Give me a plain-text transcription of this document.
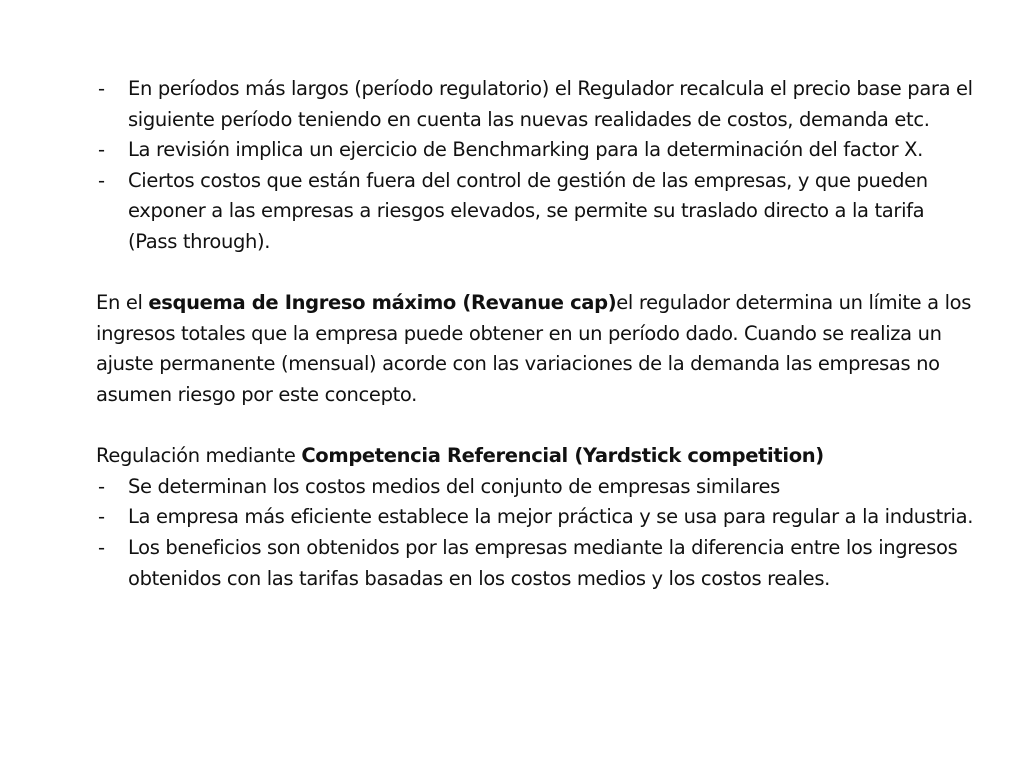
-	En períodos más largos (período regulatorio) el Regulador recalcula el precio base para el siguiente período teniendo en cuenta las nuevas realidades de costos, demanda etc.
-	La revisión implica un ejercicio de Benchmarking para la determinación del factor X.
-	Ciertos costos que están fuera del control de gestión de las empresas, y que pueden exponer a las empresas a riesgos elevados, se permite su traslado directo a la tarifa (Pass through).

En el esquema de Ingreso máximo (Revanue cap)el regulador determina un límite a los ingresos totales que la empresa puede obtener en un período dado. Cuando se realiza un ajuste permanente (mensual) acorde con las variaciones de la demanda las empresas no asumen riesgo por este concepto.

Regulación mediante Competencia Referencial (Yardstick competition)

-	Se determinan los costos medios del conjunto de empresas similares
-	La empresa más eficiente establece la mejor práctica y se usa para regular a la industria.
-	Los beneficios son obtenidos por las empresas mediante la diferencia entre los ingresos obtenidos con las tarifas basadas en los costos medios y los costos reales.
